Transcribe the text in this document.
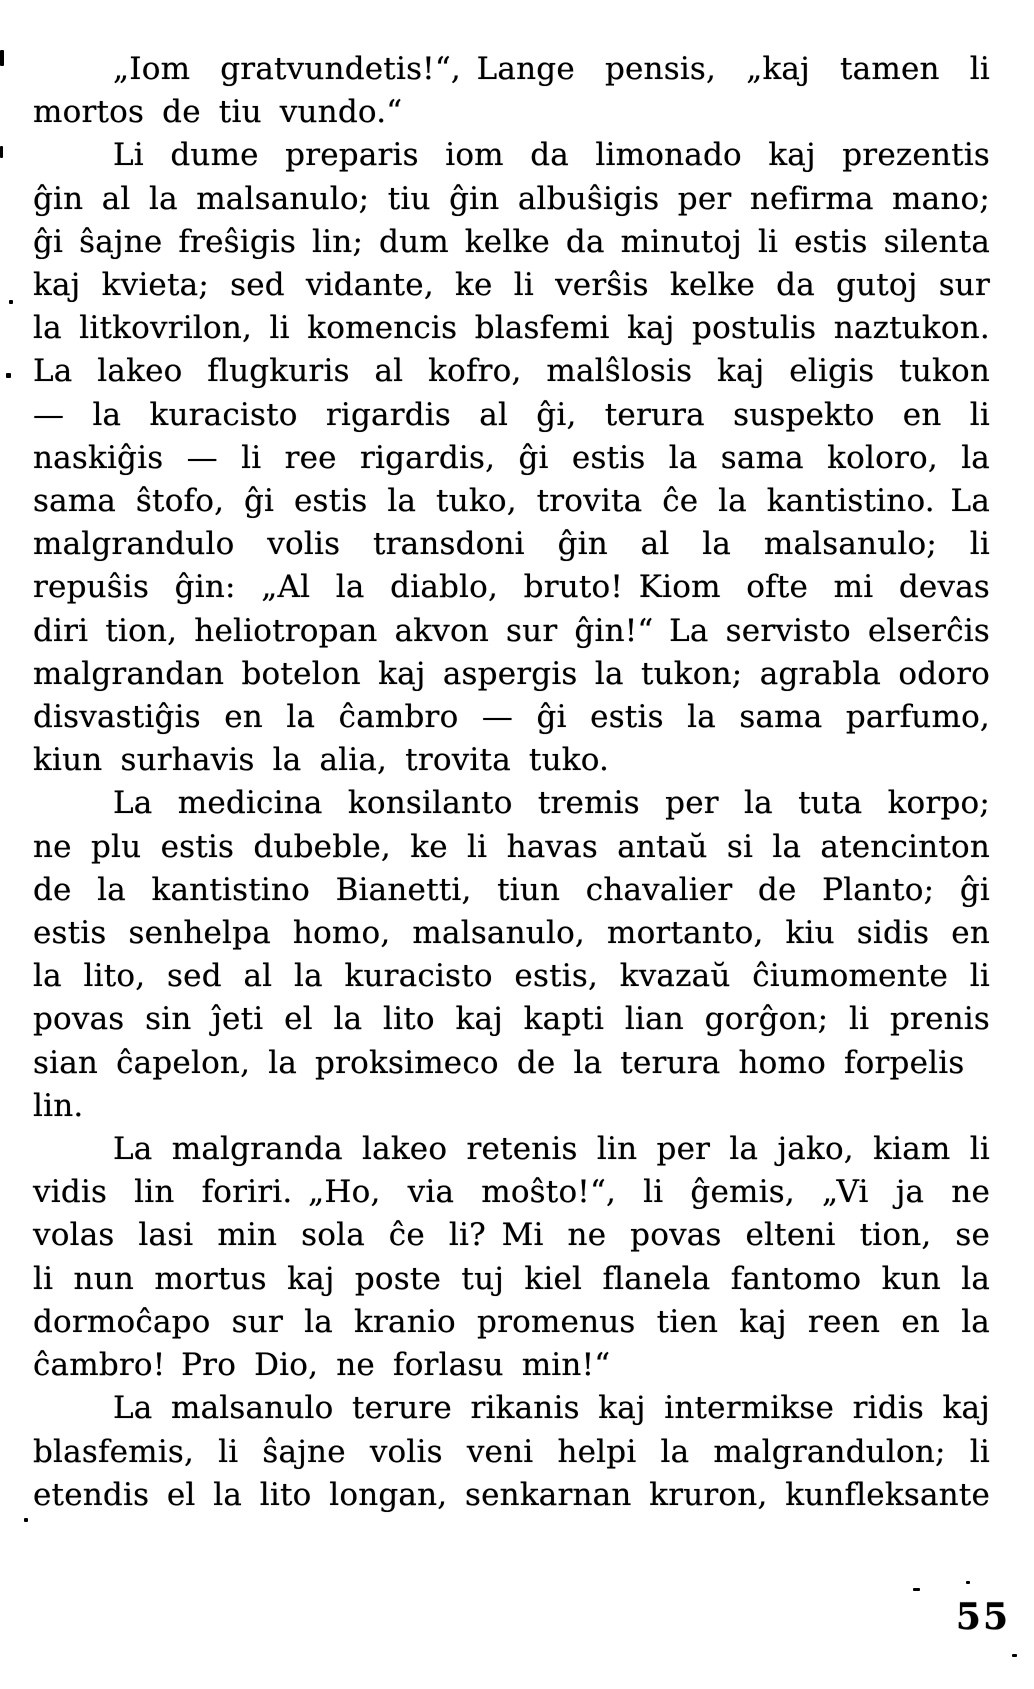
„Iom gratvundetis!“, Lange pensis, „kaj tamen li
mortos de tiu vundo.“
Li dume preparis iom da limonado kaj prezentis
ĝin al la malsanulo; tiu ĝin albuŝigis per nefirma mano;
ĝi ŝajne freŝigis lin; dum kelke da minutoj li estis silenta
kaj kvieta; sed vidante, ke li verŝis kelke da gutoj sur
la litkovrilon, li komencis blasfemi kaj postulis naztukon.
La lakeo flugkuris al kofro, malŝlosis kaj eligis tukon
— la kuracisto rigardis al ĝi, terura suspekto en li
naskiĝis — li ree rigardis, ĝi estis la sama koloro, la
sama ŝtofo, ĝi estis la tuko, trovita ĉe la kantistino. La
malgrandulo volis transdoni ĝin al la malsanulo; li
repuŝis ĝin: „Al la diablo, bruto! Kiom ofte mi devas
diri tion, heliotropan akvon sur ĝin!“ La servisto elserĉis
malgrandan botelon kaj aspergis la tukon; agrabla odoro
disvastiĝis en la ĉambro — ĝi estis la sama parfumo,
kiun surhavis la alia, trovita tuko.
La medicina konsilanto tremis per la tuta korpo;
ne plu estis dubeble, ke li havas antaŭ si la atencinton
de la kantistino Bianetti, tiun chavalier de Planto; ĝi
estis senhelpa homo, malsanulo, mortanto, kiu sidis en
la lito, sed al la kuracisto estis, kvazaŭ ĉiumomente li
povas sin ĵeti el la lito kaj kapti lian gorĝon; li prenis
sian ĉapelon, la proksimeco de la terura homo forpelis lin.
La malgranda lakeo retenis lin per la jako, kiam li
vidis lin foriri. „Ho, via moŝto!“, li ĝemis, „Vi ja ne
volas lasi min sola ĉe li? Mi ne povas elteni tion, se
li nun mortus kaj poste tuj kiel flanela fantomo kun la
dormoĉapo sur la kranio promenus tien kaj reen en la
ĉambro! Pro Dio, ne forlasu min!“
La malsanulo terure rikanis kaj intermikse ridis kaj
blasfemis, li ŝajne volis veni helpi la malgrandulon; li
etendis el la lito longan, senkarnan kruron, kunfleksante
55
